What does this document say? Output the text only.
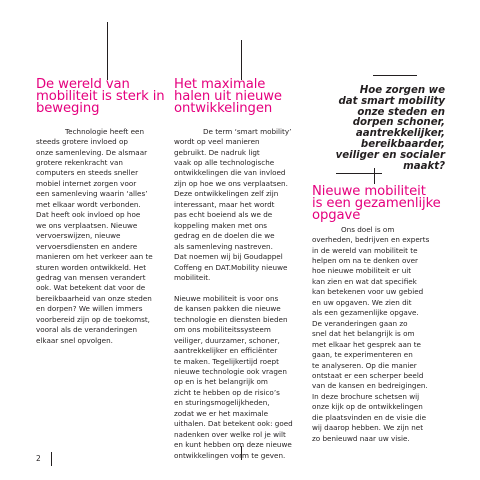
De wereld van
mobiliteit is sterk in
beweging
Technologie heeft een
steeds grotere invloed op
onze samenleving. De alsmaar
grotere rekenkracht van
computers en steeds sneller
mobiel internet zorgen voor
een samenleving waarin ‘alles’
met elkaar wordt verbonden.
Dat heeft ook invloed op hoe
we ons verplaatsen. Nieuwe
vervoerswijzen, nieuwe
vervoersdiensten en andere
manieren om het verkeer aan te
sturen worden ontwikkeld. Het
gedrag van mensen verandert
ook. Wat betekent dat voor de
bereikbaarheid van onze steden
en dorpen? We willen immers
voorbereid zijn op de toekomst,
vooral als de veranderingen
elkaar snel opvolgen.
Het maximale
halen uit nieuwe
ontwikkelingen
De term ‘smart mobility’
wordt op veel manieren
gebruikt. De nadruk ligt
vaak op alle technologische
ontwikkelingen die van invloed
zijn op hoe we ons verplaatsen.
Deze ontwikkelingen zelf zijn
interessant, maar het wordt
pas echt boeiend als we de
koppeling maken met ons
gedrag en de doelen die we
als samenleving nastreven.
Dat noemen wij bij Goudappel
Coffeng en DAT.Mobility nieuwe
mobiliteit.
Nieuwe mobiliteit is voor ons
de kansen pakken die nieuwe
technologie en diensten bieden
om ons mobiliteitssysteem
veiliger, duurzamer, schoner,
aantrekkelijker en efficiënter
te maken. Tegelijkertijd roept
nieuwe technologie ook vragen
op en is het belangrijk om
zicht te hebben op de risico’s
en sturingsmogelijkheden,
zodat we er het maximale
uithalen. Dat betekent ook: goed
nadenken over welke rol je wilt
en kunt hebben om deze nieuwe
ontwikkelingen vorm te geven.
Hoe zorgen we
dat smart mobility
onze steden en
dorpen schoner,
aantrekkelijker,
bereikbaarder,
veiliger en socialer
maakt?
Nieuwe mobiliteit
is een gezamenlijke
opgave
Ons doel is om
overheden, bedrijven en experts
in de wereld van mobiliteit te
helpen om na te denken over
hoe nieuwe mobiliteit er uit
kan zien en wat dat specifiek
kan betekenen voor uw gebied
en uw opgaven. We zien dit
als een gezamenlijke opgave.
De veranderingen gaan zo
snel dat het belangrijk is om
met elkaar het gesprek aan te
gaan, te experimenteren en
te analyseren. Op die manier
ontstaat er een scherper beeld
van de kansen en bedreigingen.
In deze brochure schetsen wij
onze kijk op de ontwikkelingen
die plaatsvinden en de visie die
wij daarop hebben. We zijn net
zo benieuwd naar uw visie.
2
